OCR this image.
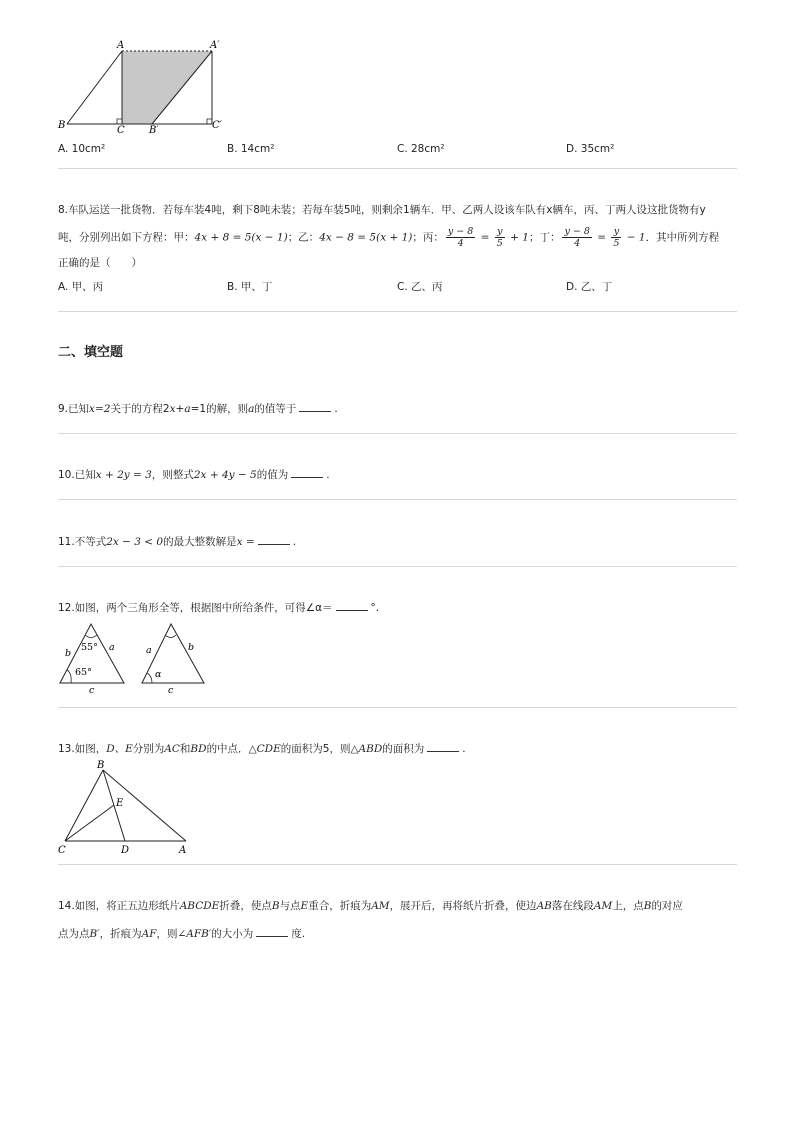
A	A′
B	C B′	C′
A. 10cm²	B. 14cm²	C. 28cm²	D. 35cm²
8.车队运送一批货物．若每车装4吨，剩下8吨未装；若每车装5吨，则剩余1辆车．甲、乙两人设该车队有x辆车，丙、丁两人设这批货物有y
吨，分别列出如下方程：甲：4x + 8 = 5(x − 1)；乙：4x − 8 = 5(x + 1)；丙： $\frac{y - 8}{4} = \frac{y}{5} + 1$；丁： $\frac{y - 8}{4} = \frac{y}{5} - 1$．其中所列方程
正确的是（　　）
A. 甲、丙	B. 甲、丁	C. 乙、丙	D. 乙、丁
二、填空题
9.已知x=2关于的方程2x+a=1的解，则a的值等于	.
10.已知x + 2y = 3，则整式2x + 4y − 5的值为	.
11.不等式2x − 3 < 0的最大整数解是x =	.
12.如图，两个三角形全等，根据图中所给条件，可得∠α＝	°.
b
a
c
55°
65°
a	b
c
α
13.如图，D、E分别为AC和BD的中点．△CDE的面积为5，则△ABD的面积为	.
B
E
C	D	A
14.如图，将正五边形纸片ABCDE折叠，使点B与点E重合，折痕为AM，展开后，再将纸片折叠，使边AB落在线段AM上，点B的对应
点为点B′，折痕为AF，则∠AFB′的大小为	度.
